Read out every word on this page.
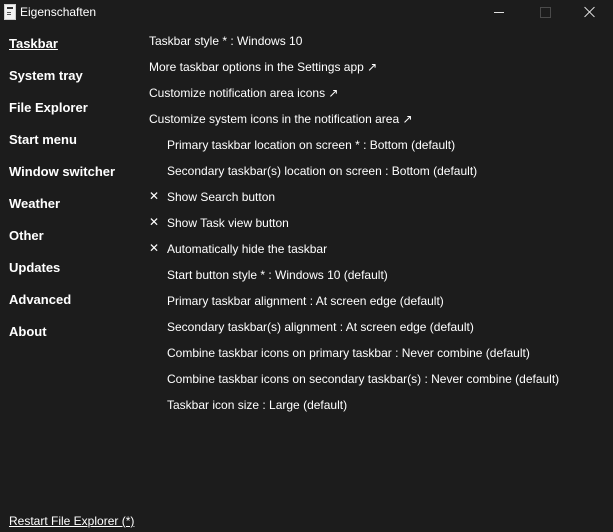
Eigenschaften
Taskbar
System tray
File Explorer
Start menu
Window switcher
Weather
Other
Updates
Advanced
About
Taskbar style * : Windows 10
More taskbar options in the Settings app ↗
Customize notification area icons ↗
Customize system icons in the notification area ↗
Primary taskbar location on screen * : Bottom (default)
Secondary taskbar(s) location on screen : Bottom (default)
✕ Show Search button
✕ Show Task view button
✕ Automatically hide the taskbar
Start button style * : Windows 10 (default)
Primary taskbar alignment : At screen edge (default)
Secondary taskbar(s) alignment : At screen edge (default)
Combine taskbar icons on primary taskbar : Never combine (default)
Combine taskbar icons on secondary taskbar(s) : Never combine (default)
Taskbar icon size : Large (default)
Restart File Explorer (*)
